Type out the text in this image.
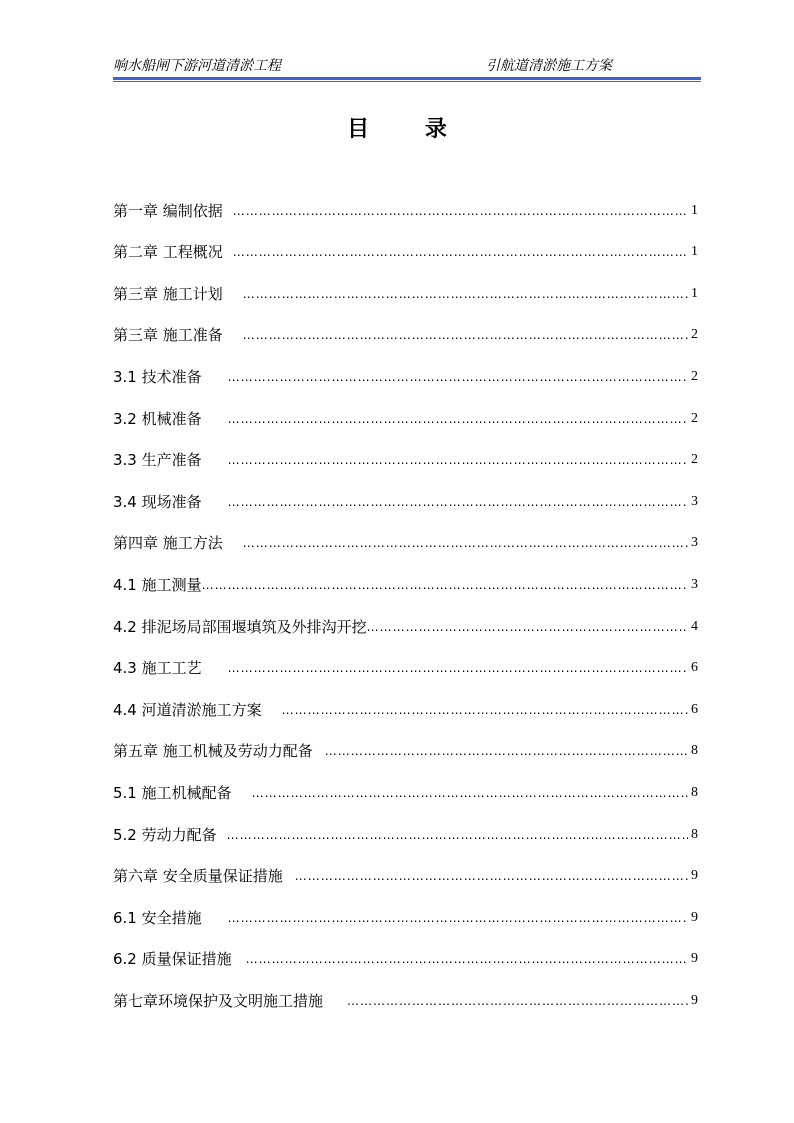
响水船闸下游河道清淤工程	引航道清淤施工方案
目 录
第一章 编制依据 ……………………………………………………………………………………………………………………………………………………………………	1
第二章 工程概况 ……………………………………………………………………………………………………………………………………………………………………	1
第三章 施工计划 ……………………………………………………………………………………………………………………………………………………………………	1
第三章 施工准备 ……………………………………………………………………………………………………………………………………………………………………	2
3.1 技术准备 ……………………………………………………………………………………………………………………………………………………………………	2
3.2 机械准备 ……………………………………………………………………………………………………………………………………………………………………	2
3.3 生产准备 ……………………………………………………………………………………………………………………………………………………………………	2
3.4 现场准备 ……………………………………………………………………………………………………………………………………………………………………	3
第四章 施工方法 ……………………………………………………………………………………………………………………………………………………………………	3
4.1 施工测量 ……………………………………………………………………………………………………………………………………………………………………	3
4.2 排泥场局部围堰填筑及外排沟开挖 ……………………………………………………………………………………………………………………………………………………………………	4
4.3 施工工艺 ……………………………………………………………………………………………………………………………………………………………………	6
4.4 河道清淤施工方案 ……………………………………………………………………………………………………………………………………………………………………	6
第五章 施工机械及劳动力配备 ……………………………………………………………………………………………………………………………………………………………………	8
5.1 施工机械配备 ……………………………………………………………………………………………………………………………………………………………………	8
5.2 劳动力配备 ……………………………………………………………………………………………………………………………………………………………………	8
第六章 安全质量保证措施 ……………………………………………………………………………………………………………………………………………………………………	9
6.1 安全措施 ……………………………………………………………………………………………………………………………………………………………………	9
6.2 质量保证措施 ……………………………………………………………………………………………………………………………………………………………………	9
第七章环境保护及文明施工措施 ……………………………………………………………………………………………………………………………………………………………………	9
